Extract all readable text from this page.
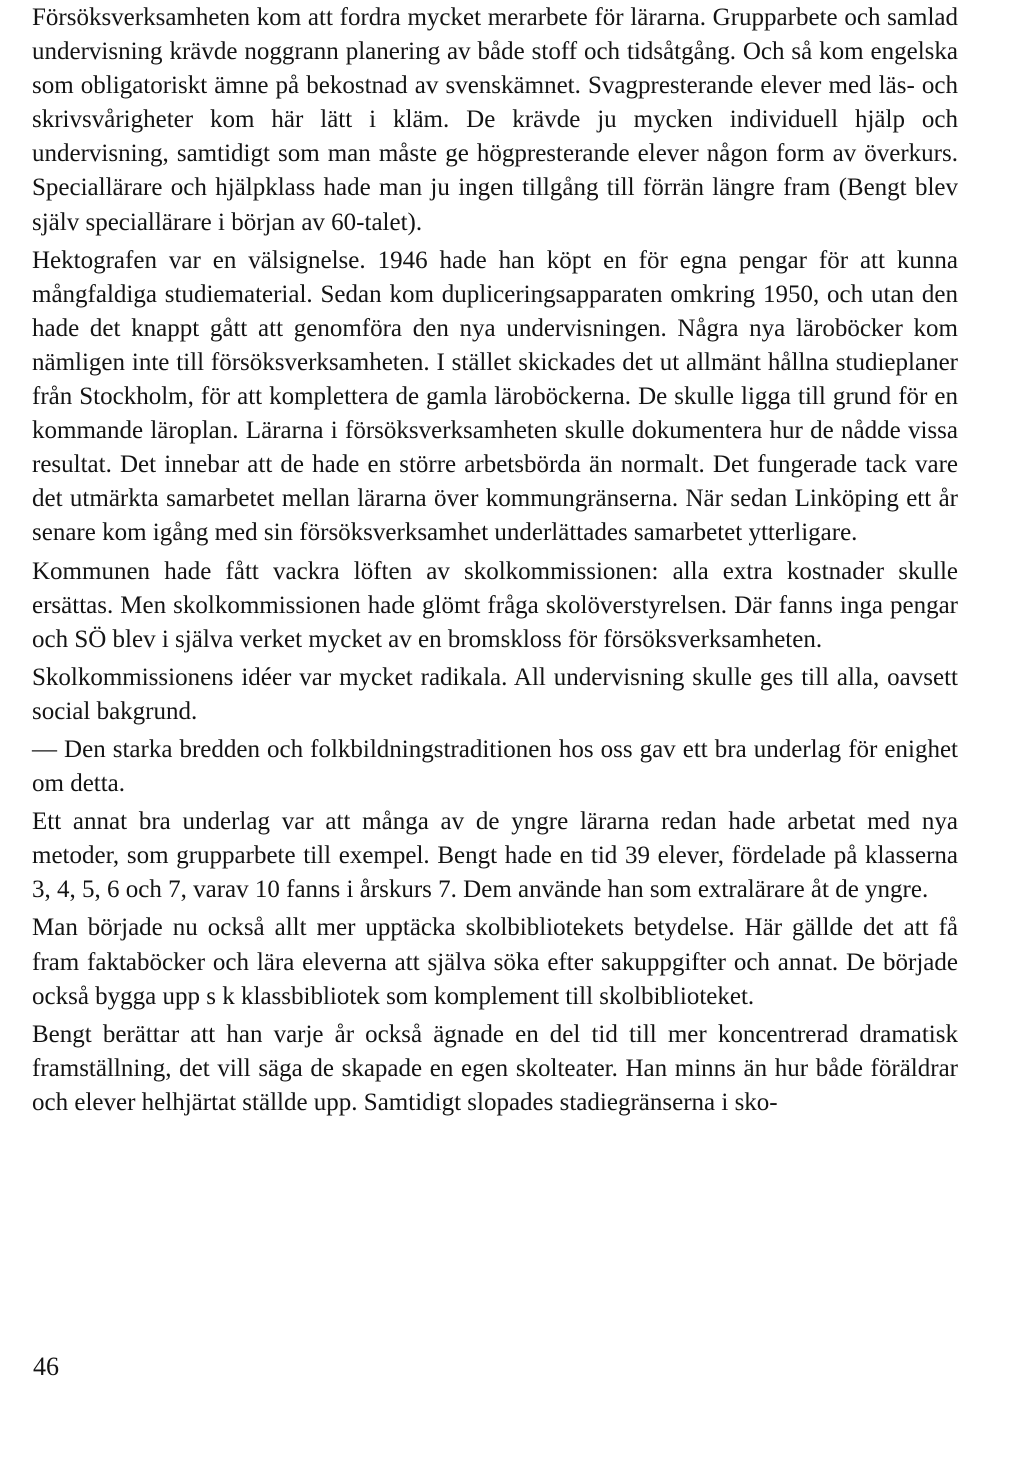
Försöksverksamheten kom att fordra mycket merarbete för lärarna. Grupparbete och samlad undervisning krävde noggrann planering av både stoff och tidsåtgång. Och så kom engelska som obligatoriskt ämne på bekostnad av svenskämnet. Svagpresterande elever med läs- och skrivsvårigheter kom här lätt i kläm. De krävde ju mycken individuell hjälp och undervisning, samtidigt som man måste ge högpresterande elever någon form av överkurs. Speciallärare och hjälpklass hade man ju ingen tillgång till förrän längre fram (Bengt blev själv speciallärare i början av 60-talet).

Hektografen var en välsignelse. 1946 hade han köpt en för egna pengar för att kunna mångfaldiga studiematerial. Sedan kom dupliceringsapparaten omkring 1950, och utan den hade det knappt gått att genomföra den nya undervisningen. Några nya läroböcker kom nämligen inte till försöksverksamheten. I stället skickades det ut allmänt hållna studieplaner från Stockholm, för att komplettera de gamla läroböckerna. De skulle ligga till grund för en kommande läroplan. Lärarna i försöksverksamheten skulle dokumentera hur de nådde vissa resultat. Det innebar att de hade en större arbetsbörda än normalt. Det fungerade tack vare det utmärkta samarbetet mellan lärarna över kommungränserna. När sedan Linköping ett år senare kom igång med sin försöksverksamhet underlättades samarbetet ytterligare.

Kommunen hade fått vackra löften av skolkommissionen: alla extra kostnader skulle ersättas. Men skolkommissionen hade glömt fråga skolöverstyrelsen. Där fanns inga pengar och SÖ blev i själva verket mycket av en bromskloss för försöksverksamheten.

Skolkommissionens idéer var mycket radikala. All undervisning skulle ges till alla, oavsett social bakgrund.

— Den starka bredden och folkbildningstraditionen hos oss gav ett bra underlag för enighet om detta.

Ett annat bra underlag var att många av de yngre lärarna redan hade arbetat med nya metoder, som grupparbete till exempel. Bengt hade en tid 39 elever, fördelade på klasserna 3, 4, 5, 6 och 7, varav 10 fanns i årskurs 7. Dem använde han som extralärare åt de yngre.

Man började nu också allt mer upptäcka skolbibliotekets betydelse. Här gällde det att få fram faktaböcker och lära eleverna att själva söka efter sakuppgifter och annat. De började också bygga upp s k klassbibliotek som komplement till skolbiblioteket.

Bengt berättar att han varje år också ägnade en del tid till mer koncentrerad dramatisk framställning, det vill säga de skapade en egen skolteater. Han minns än hur både föräldrar och elever helhjärtat ställde upp. Samtidigt slopades stadiegränserna i sko-

46
